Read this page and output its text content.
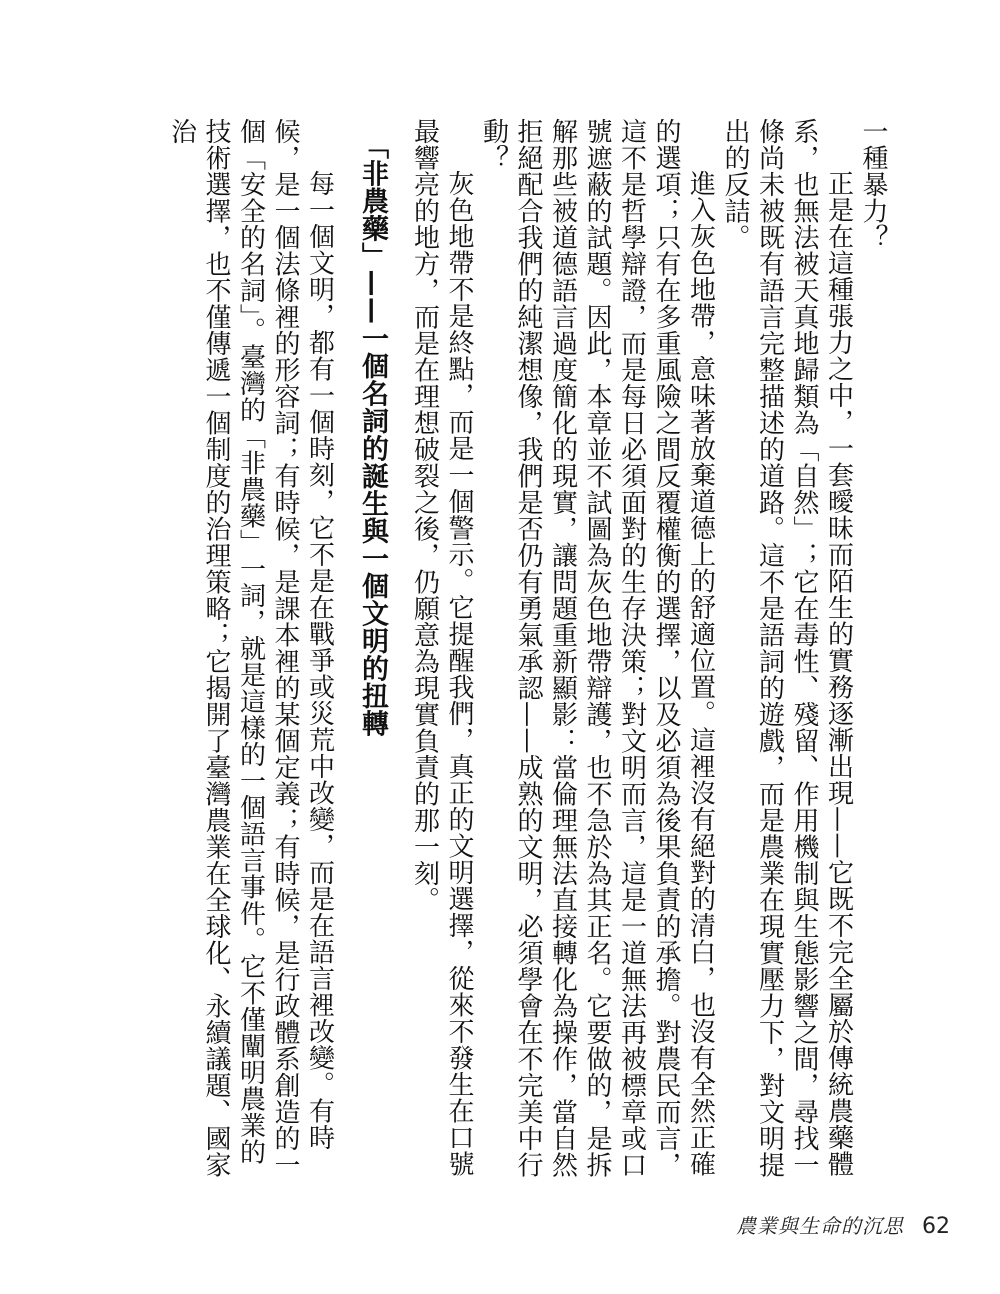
一種暴力？

正是在這種張力之中，一套曖昧而陌生的實務逐漸出現——它既不完全屬於傳統農藥體系，也無法被天真地歸類為「自然」；它在毒性、殘留、作用機制與生態影響之間，尋找一條尚未被既有語言完整描述的道路。這不是語詞的遊戲，而是農業在現實壓力下，對文明提出的反詰。

進入灰色地帶，意味著放棄道德上的舒適位置。這裡沒有絕對的清白，也沒有全然正確的選項；只有在多重風險之間反覆權衡的選擇，以及必須為後果負責的承擔。對農民而言，這不是哲學辯證，而是每日必須面對的生存決策；對文明而言，這是一道無法再被標章或口號遮蔽的試題。因此，本章並不試圖為灰色地帶辯護，也不急於為其正名。它要做的，是拆解那些被道德語言過度簡化的現實，讓問題重新顯影：當倫理無法直接轉化為操作，當自然拒絕配合我們的純潔想像，我們是否仍有勇氣承認——成熟的文明，必須學會在不完美中行動？

灰色地帶不是終點，而是一個警示。它提醒我們，真正的文明選擇，從來不發生在口號最響亮的地方，而是在理想破裂之後，仍願意為現實負責的那一刻。

「非農藥」——一個名詞的誕生與一個文明的扭轉

每一個文明，都有一個時刻，它不是在戰爭或災荒中改變，而是在語言裡改變。有時候，是一個法條裡的形容詞；有時候，是課本裡的某個定義；有時候，是行政體系創造的一個「安全的名詞」。臺灣的「非農藥」一詞，就是這樣的一個語言事件。它不僅闡明農業的技術選擇，也不僅傳遞一個制度的治理策略；它揭開了臺灣農業在全球化、永續議題、國家治

農業與生命的沉思 62
